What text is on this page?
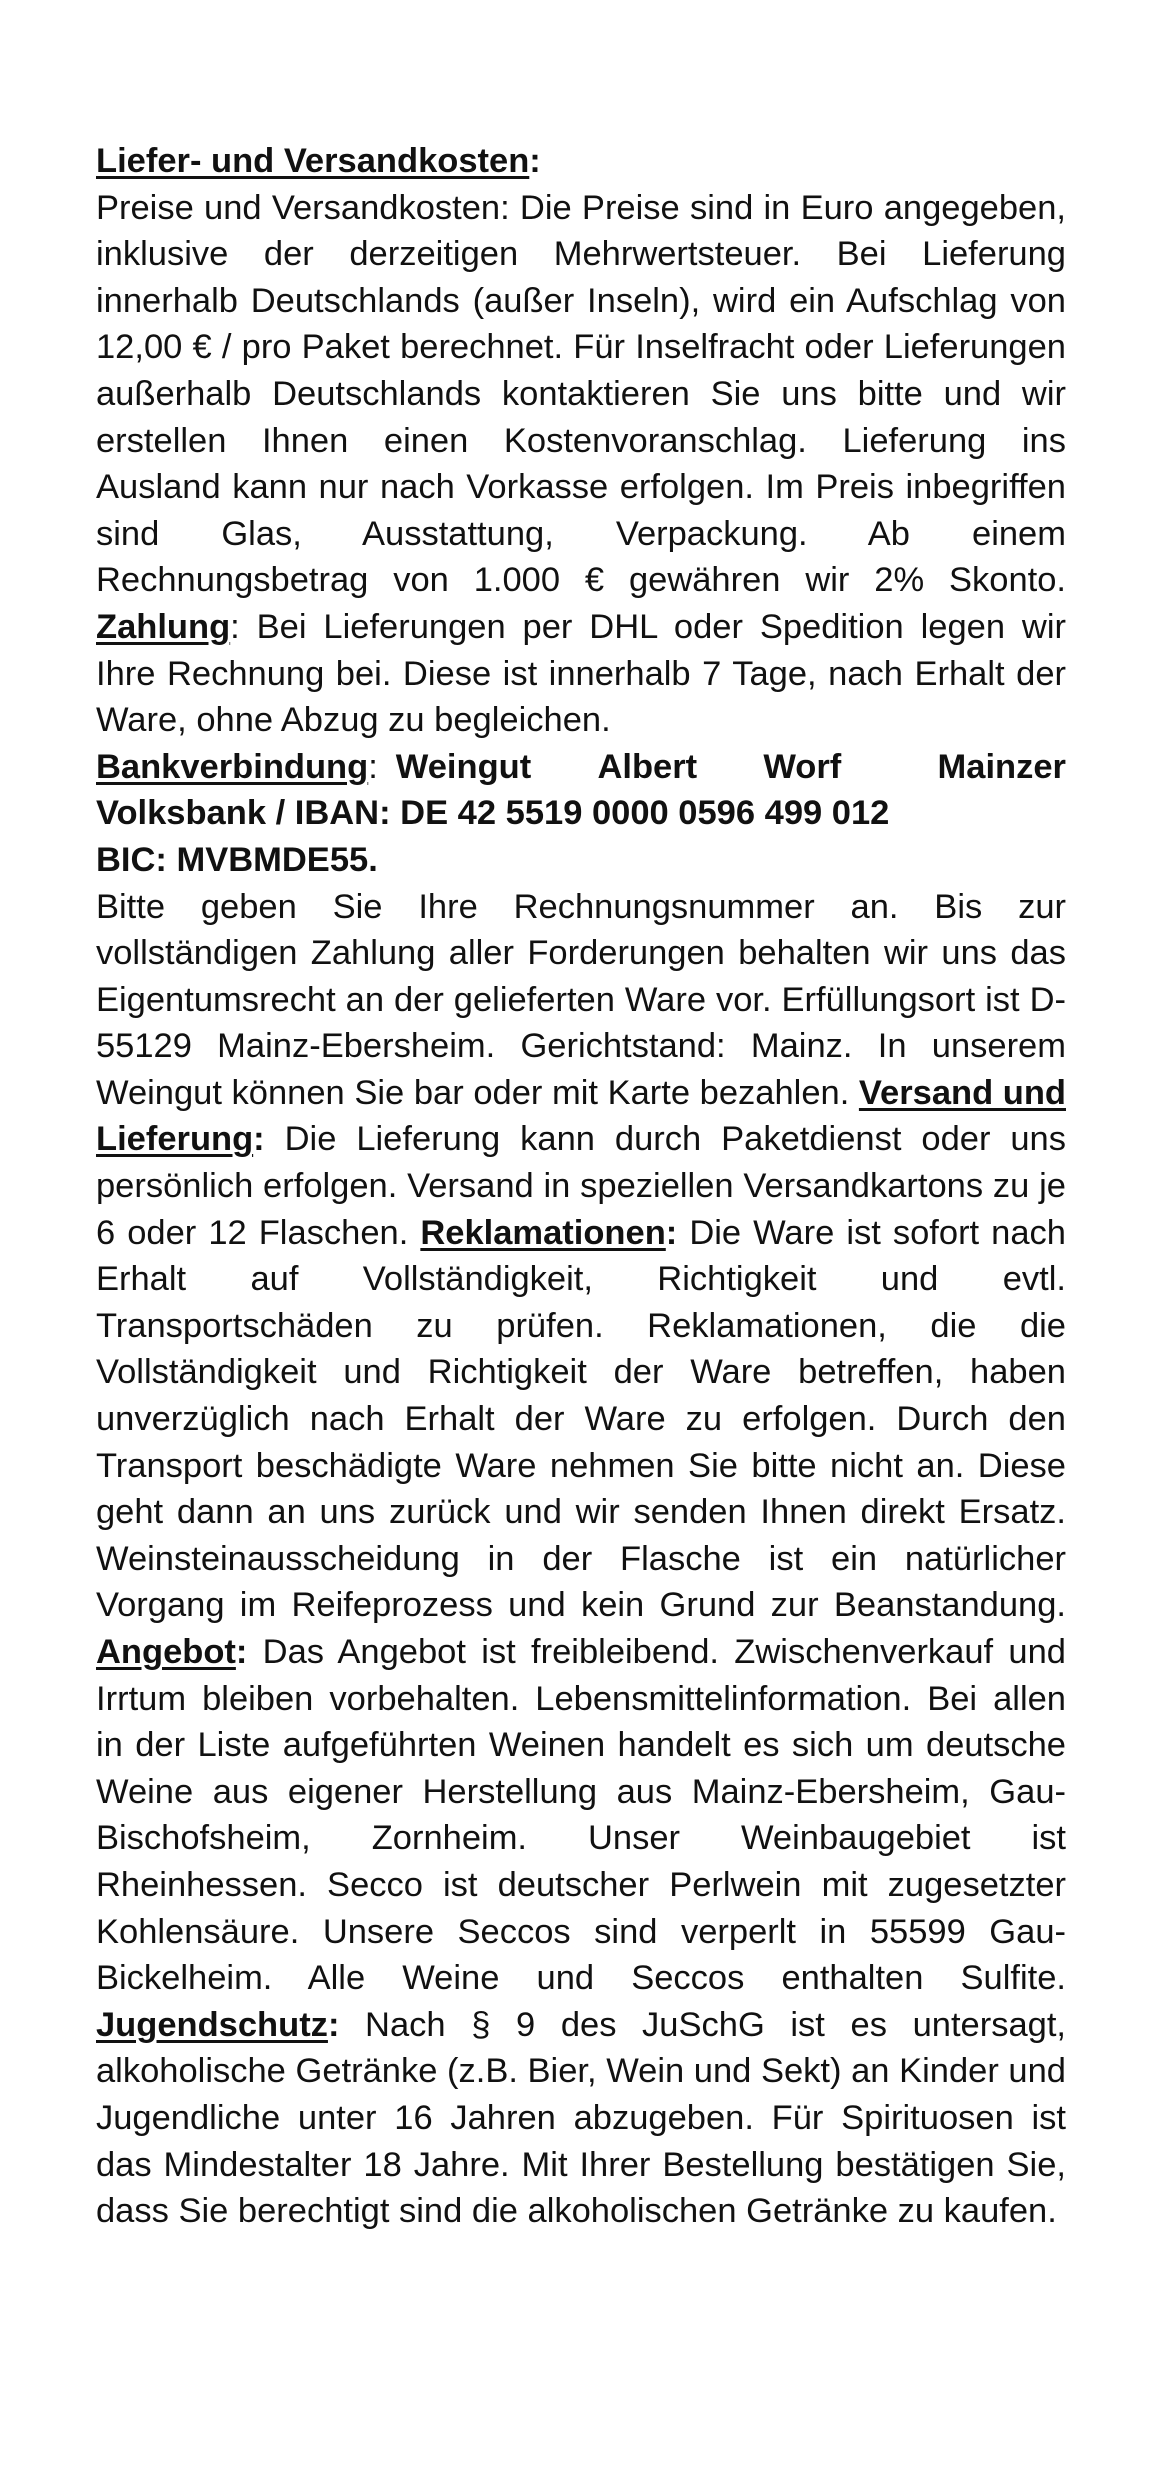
Liefer- und Versandkosten:
Preise und Versandkosten: Die Preise sind in Euro angegeben, inklusive der derzeitigen Mehrwertsteuer. Bei Lieferung innerhalb Deutschlands (außer Inseln), wird ein Aufschlag von 12,00 € / pro Paket berechnet. Für Inselfracht oder Lieferungen außerhalb Deutschlands kontaktieren Sie uns bitte und wir erstellen Ihnen einen Kostenvoranschlag. Lieferung ins Ausland kann nur nach Vorkasse erfolgen. Im Preis inbegriffen sind Glas, Ausstattung, Verpackung. Ab einem Rechnungsbetrag von 1.000 € gewähren wir 2% Skonto. Zahlung: Bei Lieferungen per DHL oder Spedition legen wir Ihre Rechnung bei. Diese ist innerhalb 7 Tage, nach Erhalt der Ware, ohne Abzug zu begleichen.

Bankverbindung: Weingut Albert Worf	Mainzer
Volksbank / IBAN: DE 42 5519 0000 0596 499 012
BIC: MVBMDE55.

Bitte geben Sie Ihre Rechnungsnummer an. Bis zur vollständigen Zahlung aller Forderungen behalten wir uns das Eigentumsrecht an der gelieferten Ware vor. Erfüllungsort ist D-55129 Mainz-Ebersheim. Gerichtstand: Mainz. In unserem Weingut können Sie bar oder mit Karte bezahlen. Versand und Lieferung: Die Lieferung kann durch Paketdienst oder uns persönlich erfolgen. Versand in speziellen Versandkartons zu je 6 oder 12 Flaschen. Reklamationen: Die Ware ist sofort nach Erhalt auf Vollständigkeit, Richtigkeit und evtl. Transportschäden zu prüfen. Reklamationen, die die Vollständigkeit und Richtigkeit der Ware betreffen, haben unverzüglich nach Erhalt der Ware zu erfolgen. Durch den Transport beschädigte Ware nehmen Sie bitte nicht an. Diese geht dann an uns zurück und wir senden Ihnen direkt Ersatz. Weinsteinausscheidung in der Flasche ist ein natürlicher Vorgang im Reifeprozess und kein Grund zur Beanstandung. Angebot: Das Angebot ist freibleibend. Zwischenverkauf und Irrtum bleiben vorbehalten. Lebensmittelinformation. Bei allen in der Liste aufgeführten Weinen handelt es sich um deutsche Weine aus eigener Herstellung aus Mainz-Ebersheim, Gau-Bischofsheim, Zornheim. Unser Weinbaugebiet ist Rheinhessen. Secco ist deutscher Perlwein mit zugesetzter Kohlensäure. Unsere Seccos sind verperlt in 55599 Gau-Bickelheim. Alle Weine und Seccos enthalten Sulfite. Jugendschutz: Nach § 9 des JuSchG ist es untersagt, alkoholische Getränke (z.B. Bier, Wein und Sekt) an Kinder und Jugendliche unter 16 Jahren abzugeben. Für Spirituosen ist das Mindestalter 18 Jahre. Mit Ihrer Bestellung bestätigen Sie, dass Sie berechtigt sind die alkoholischen Getränke zu kaufen.
